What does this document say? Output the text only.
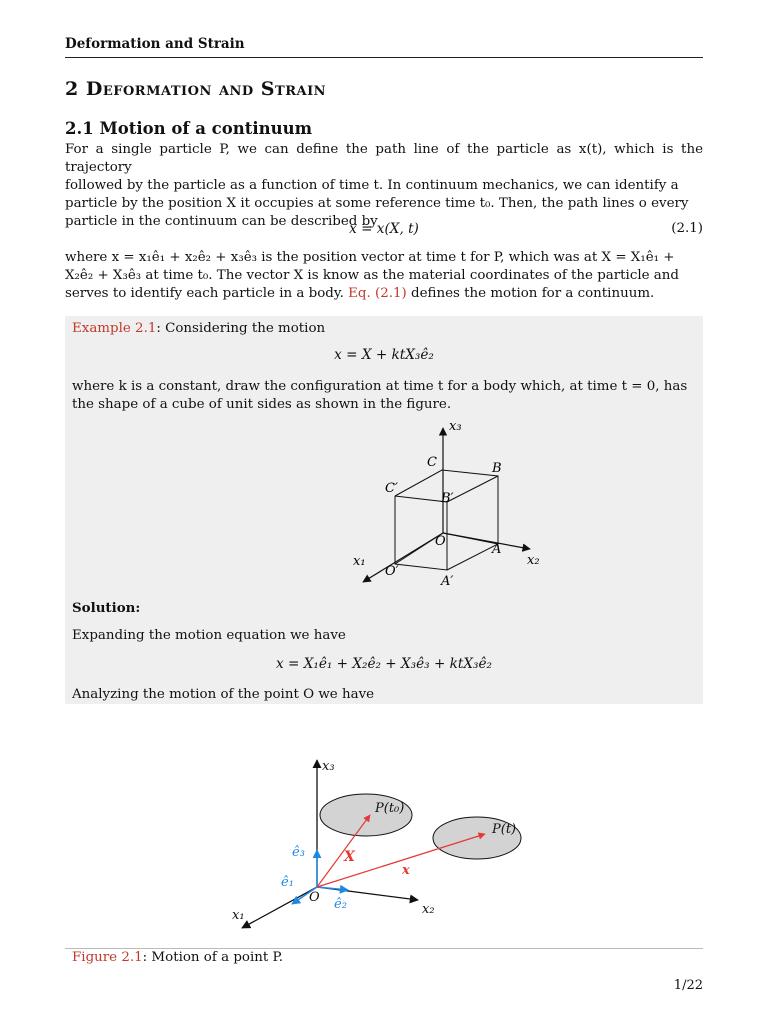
Deformation and Strain
2 Deformation and Strain
2.1 Motion of a continuum
For a single particle P, we can define the path line of the particle as x(t), which is the trajectory
followed by the particle as a function of time t. In continuum mechanics, we can identify a
particle by the position X it occupies at some reference time t₀. Then, the path lines o every
particle in the continuum can be described by
x = x(X, t)	(2.1)
where x = x₁ê₁ + x₂ê₂ + x₃ê₃ is the position vector at time t for P, which was at X = X₁ê₁ +
X₂ê₂ + X₃ê₃ at time t₀. The vector X is know as the material coordinates of the particle and
serves to identify each particle in a body. Eq. (2.1) defines the motion for a continuum.
Example 2.1: Considering the motion
x = X + ktX₃ê₂
where k is a constant, draw the configuration at time t for a body which, at time t = 0, has
the shape of a cube of unit sides as shown in the figure.
x₃
x₂
x₁
C	B
C′
B′
O
A
O′
A′
Solution:
Expanding the motion equation we have
x = X₁ê₁ + X₂ê₂ + X₃ê₃ + ktX₃ê₂
Analyzing the motion of the point O we have
x₃
x₂
x₁
O
ê₃
ê₂
ê₁
P(t₀)
P(t)
X
x
Figure 2.1: Motion of a point P.
1/22
